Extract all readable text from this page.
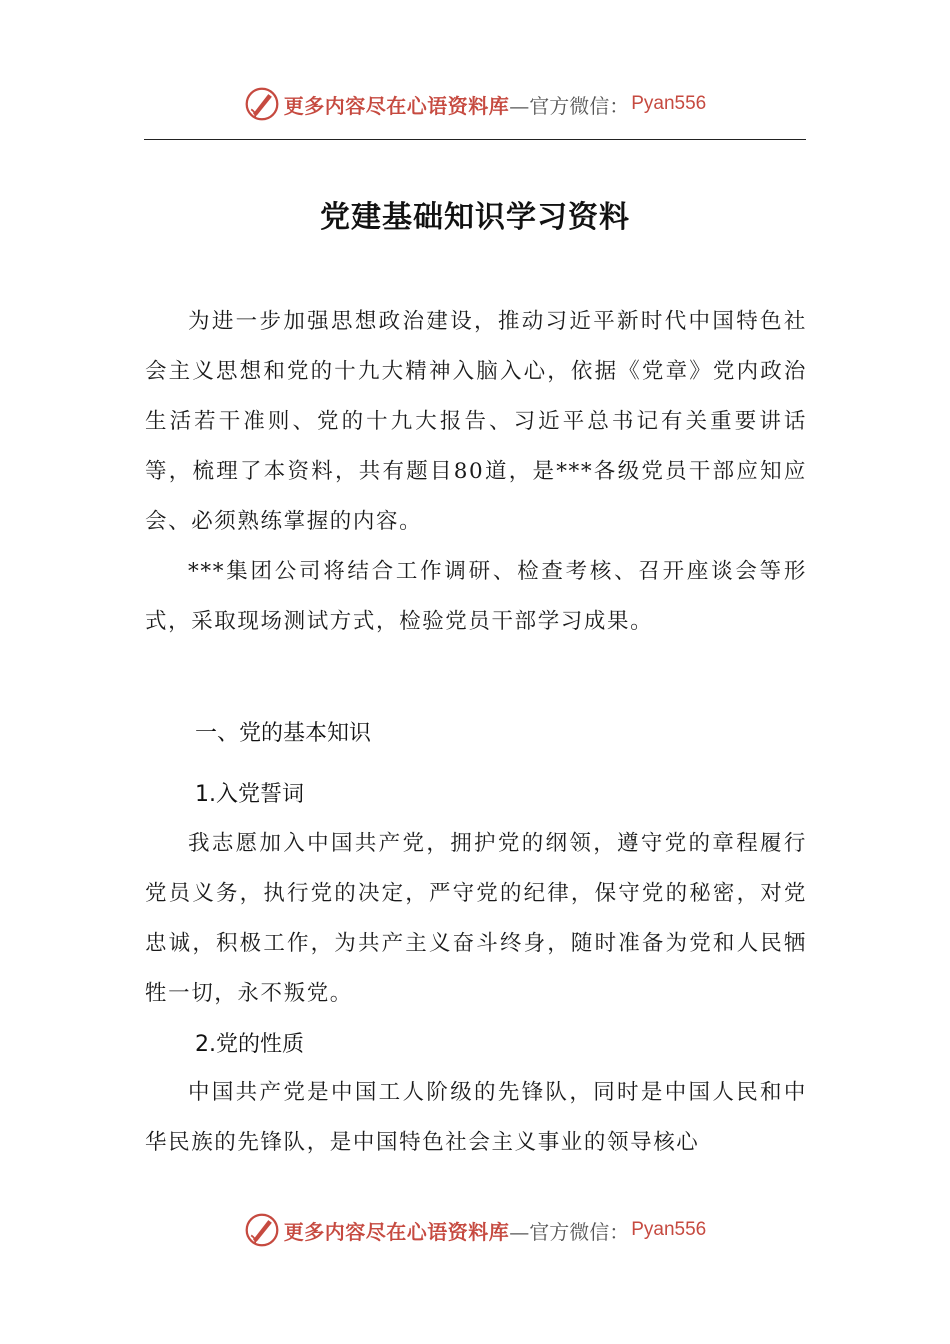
更多内容尽在心语资料库 —官方微信： Pyan556
党建基础知识学习资料

为进一步加强思想政治建设，推动习近平新时代中国特色社会主义思想和党的十九大精神入脑入心，依据《党章》党内政治生活若干准则、党的十九大报告、习近平总书记有关重要讲话等，梳理了本资料，共有题目80道，是***各级党员干部应知应会、必须熟练掌握的内容。

***集团公司将结合工作调研、检查考核、召开座谈会等形式，采取现场测试方式，检验党员干部学习成果。

一、党的基本知识
1.入党誓词

我志愿加入中国共产党，拥护党的纲领，遵守党的章程履行党员义务，执行党的决定，严守党的纪律，保守党的秘密，对党忠诚，积极工作，为共产主义奋斗终身，随时准备为党和人民牺牲一切，永不叛党。

2.党的性质

中国共产党是中国工人阶级的先锋队，同时是中国人民和中华民族的先锋队，是中国特色社会主义事业的领导核心

更多内容尽在心语资料库 —官方微信： Pyan556
